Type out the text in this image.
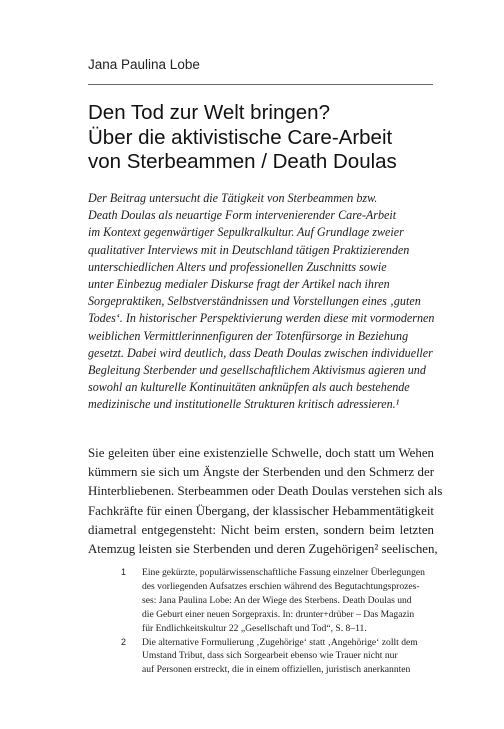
Jana Paulina Lobe
Den Tod zur Welt bringen?
Über die aktivistische Care-Arbeit
von Sterbeammen / Death Doulas
Der Beitrag untersucht die Tätigkeit von Sterbeammen bzw.
Death Doulas als neuartige Form intervenierender Care-Arbeit
im Kontext gegenwärtiger Sepulkralkultur. Auf Grundlage zweier
qualitativer Interviews mit in Deutschland tätigen Praktizierenden
unterschiedlichen Alters und professionellen Zuschnitts sowie
unter Einbezug medialer Diskurse fragt der Artikel nach ihren
Sorgepraktiken, Selbstverständnissen und Vorstellungen eines ‚guten
Todes‘. In historischer Perspektivierung werden diese mit vormodernen
weiblichen Vermittlerinnenfiguren der Totenfürsorge in Beziehung
gesetzt. Dabei wird deutlich, dass Death Doulas zwischen individueller
Begleitung Sterbender und gesellschaftlichem Aktivismus agieren und
sowohl an kulturelle Kontinuitäten anknüpfen als auch bestehende
medizinische und institutionelle Strukturen kritisch adressieren.¹
Sie geleiten über eine existenzielle Schwelle, doch statt um Wehen
kümmern sie sich um Ängste der Sterbenden und den Schmerz der
Hinterbliebenen. Sterbeammen oder Death Doulas verstehen sich als
Fachkräfte für einen Übergang, der klassischer Hebammentätigkeit
diametral entgegensteht: Nicht beim ersten, sondern beim letzten
Atemzug leisten sie Sterbenden und deren Zugehörigen² seelischen,
1 Eine gekürzte, populärwissenschaftliche Fassung einzelner Überlegungen
des vorliegenden Aufsatzes erschien während des Begutachtungsprozes-
ses: Jana Paulina Lobe: An der Wiege des Sterbens. Death Doulas und
die Geburt einer neuen Sorgepraxis. In: drunter+drüber – Das Magazin
für Endlichkeitskultur 22 „Gesellschaft und Tod“, S. 8–11.
2 Die alternative Formulierung ‚Zugehörige‘ statt ‚Angehörige‘ zollt dem
Umstand Tribut, dass sich Sorgearbeit ebenso wie Trauer nicht nur
auf Personen erstreckt, die in einem offiziellen, juristisch anerkannten
